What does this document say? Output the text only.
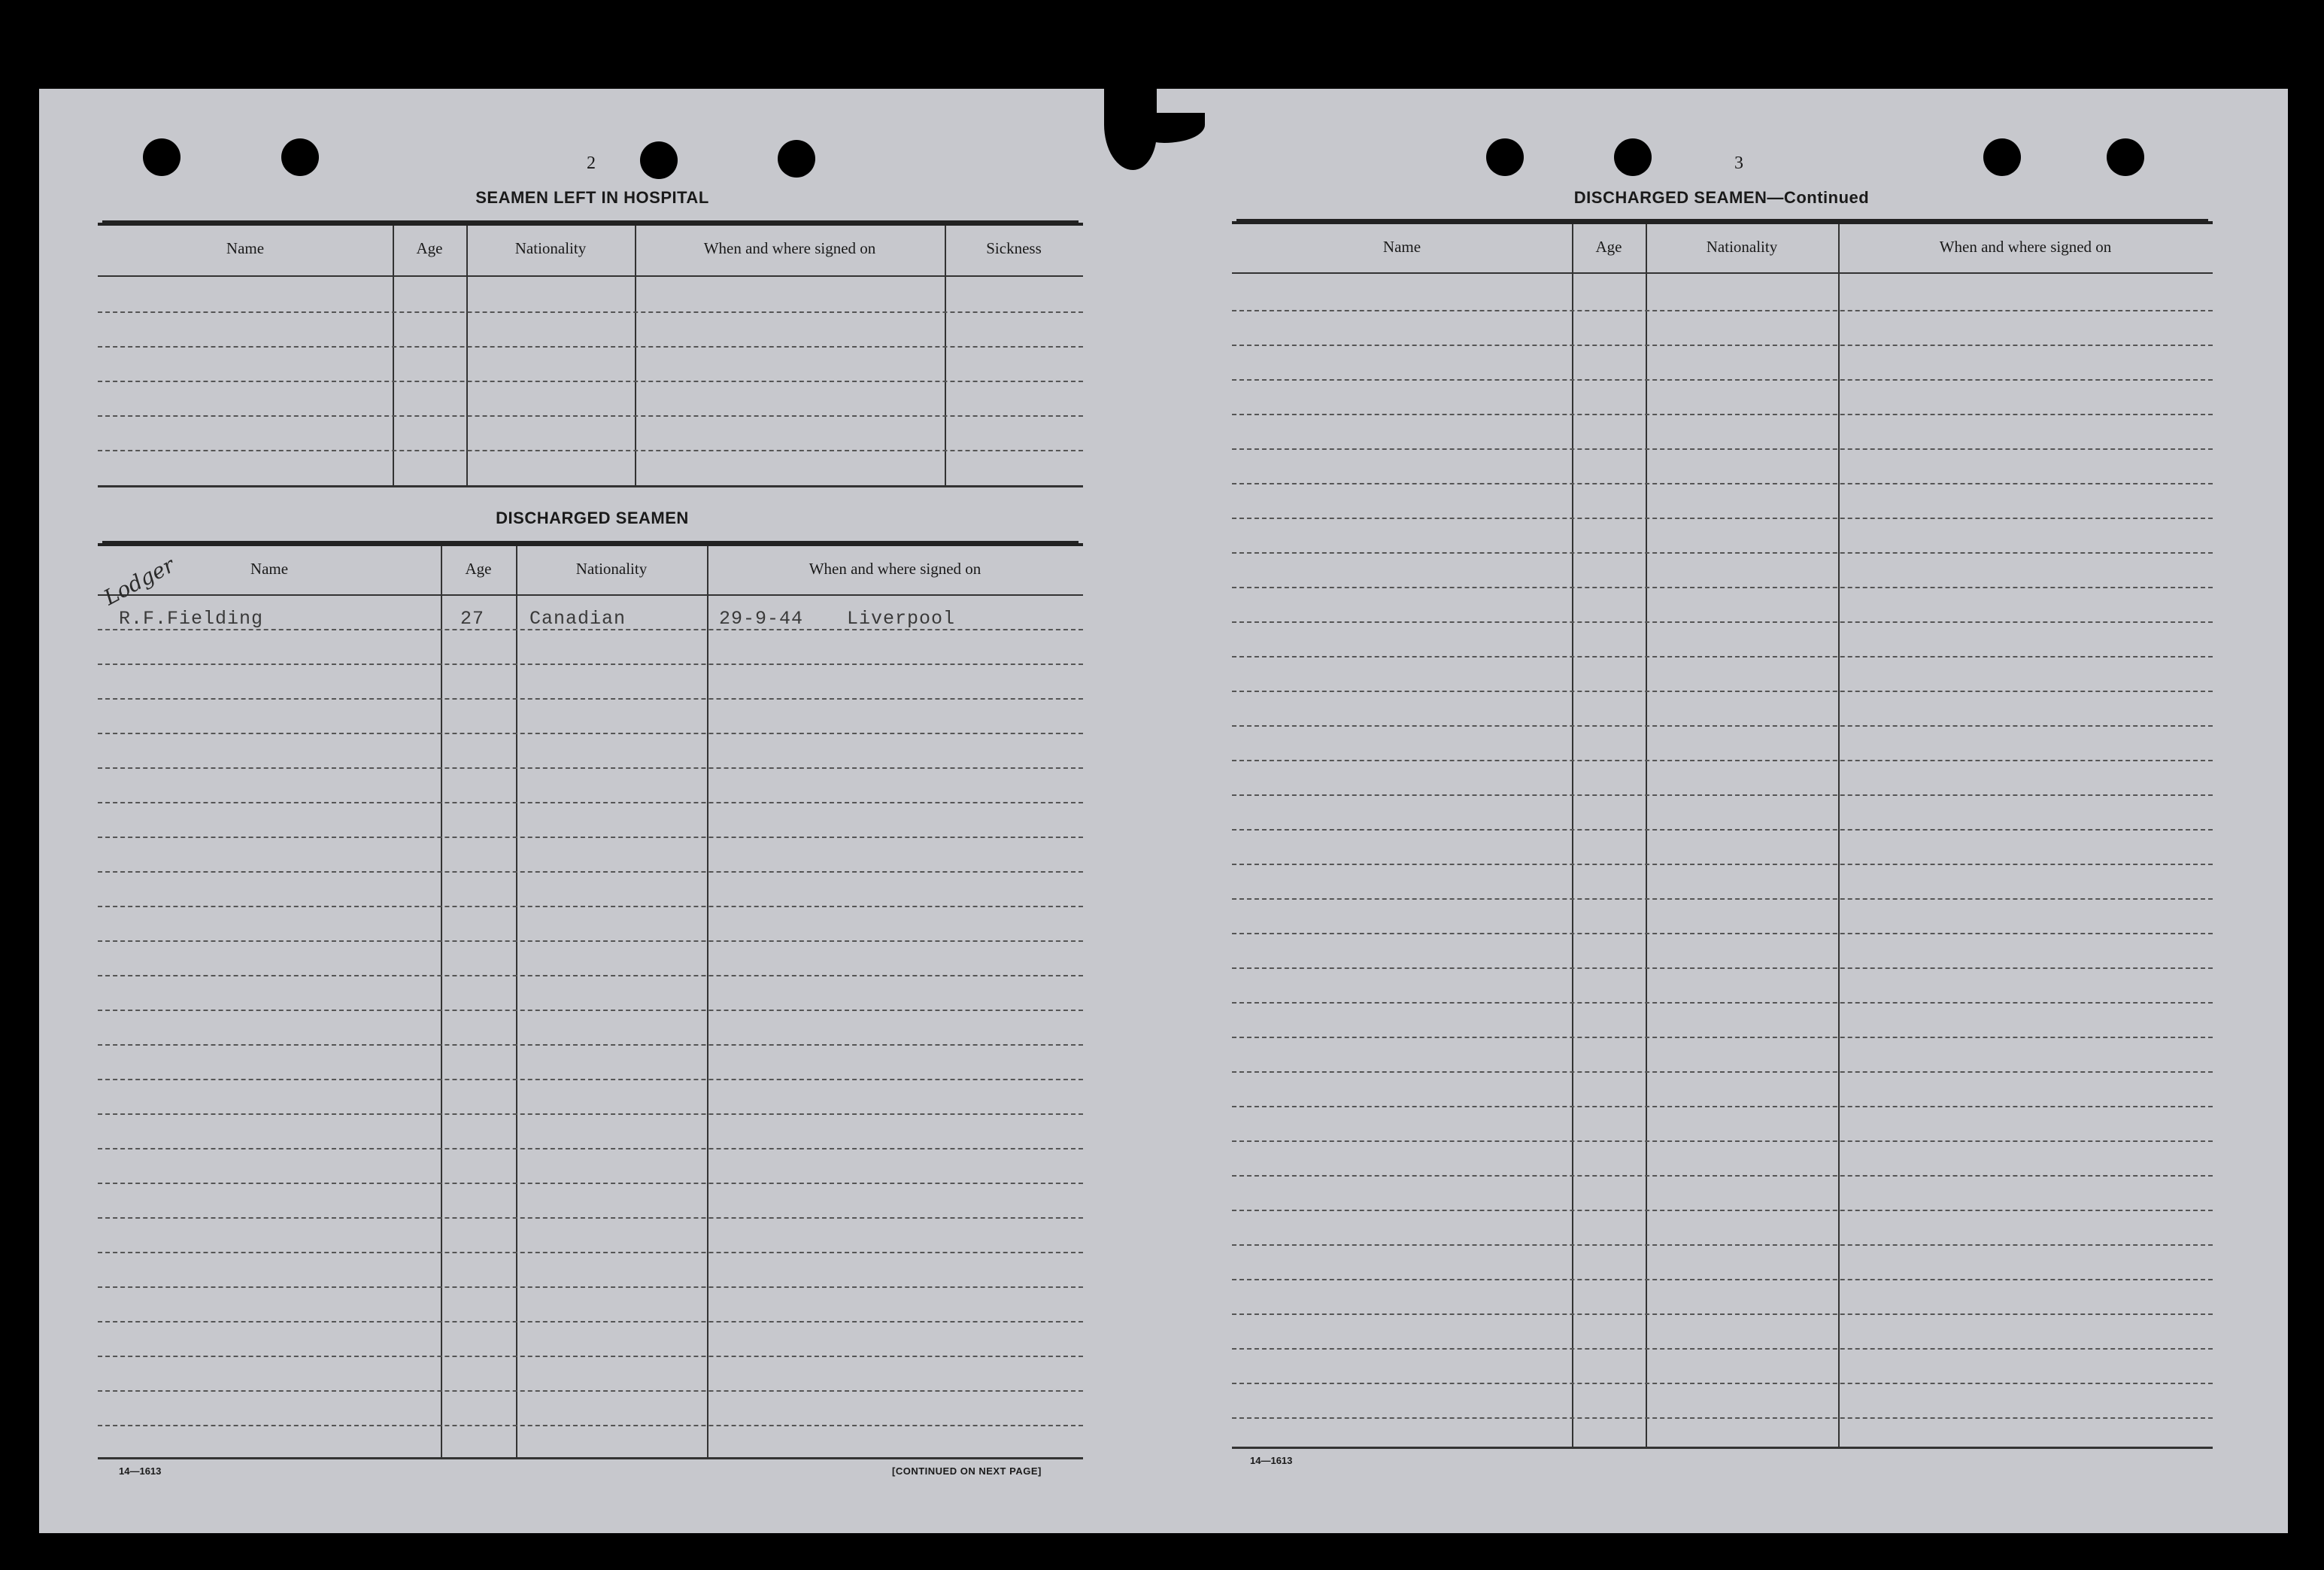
2
SEAMEN LEFT IN HOSPITAL
Name	Age	Nationality	When and where signed on	Sickness
DISCHARGED SEAMEN
Name	Age	Nationality	When and where signed on
Lodger
R.F.Fielding	27 Canadian	29-9-44 Liverpool
14—1613	[CONTINUED ON NEXT PAGE]
3
DISCHARGED SEAMEN—Continued
Name	Age	Nationality	When and where signed on
14—1613
